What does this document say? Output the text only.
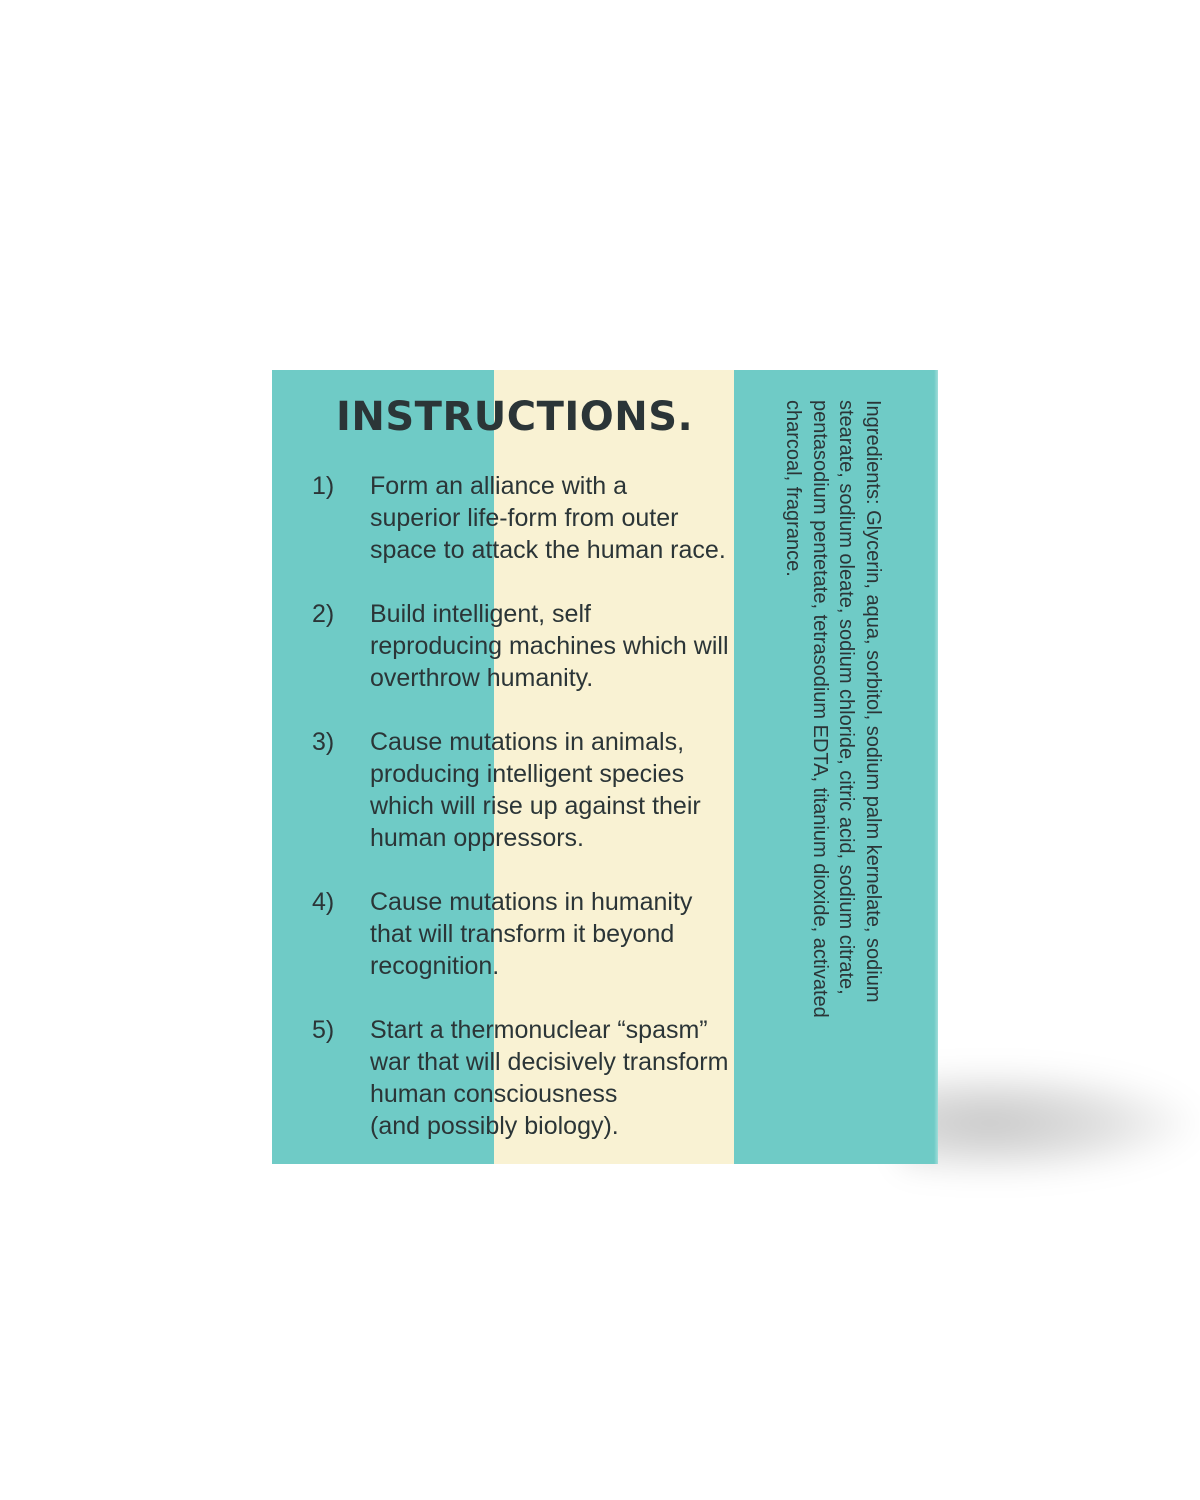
INSTRUCTIONS.
1)	Form an alliance with a
superior life-form from outer
space to attack the human race.
2)	Build intelligent, self
reproducing machines which will
overthrow humanity.
3)	Cause mutations in animals,
producing intelligent species
which will rise up against their
human oppressors.
4)	Cause mutations in humanity
that will transform it beyond
recognition.
5)	Start a thermonuclear “spasm”
war that will decisively transform
human consciousness
(and possibly biology).
Ingredients: Glycerin, aqua, sorbitol, sodium palm kernelate, sodium
stearate, sodium oleate, sodium chloride, citric acid, sodium citrate,
pentasodium pentetate, tetrasodium EDTA, titanium dioxide, activated
charcoal, fragrance.
